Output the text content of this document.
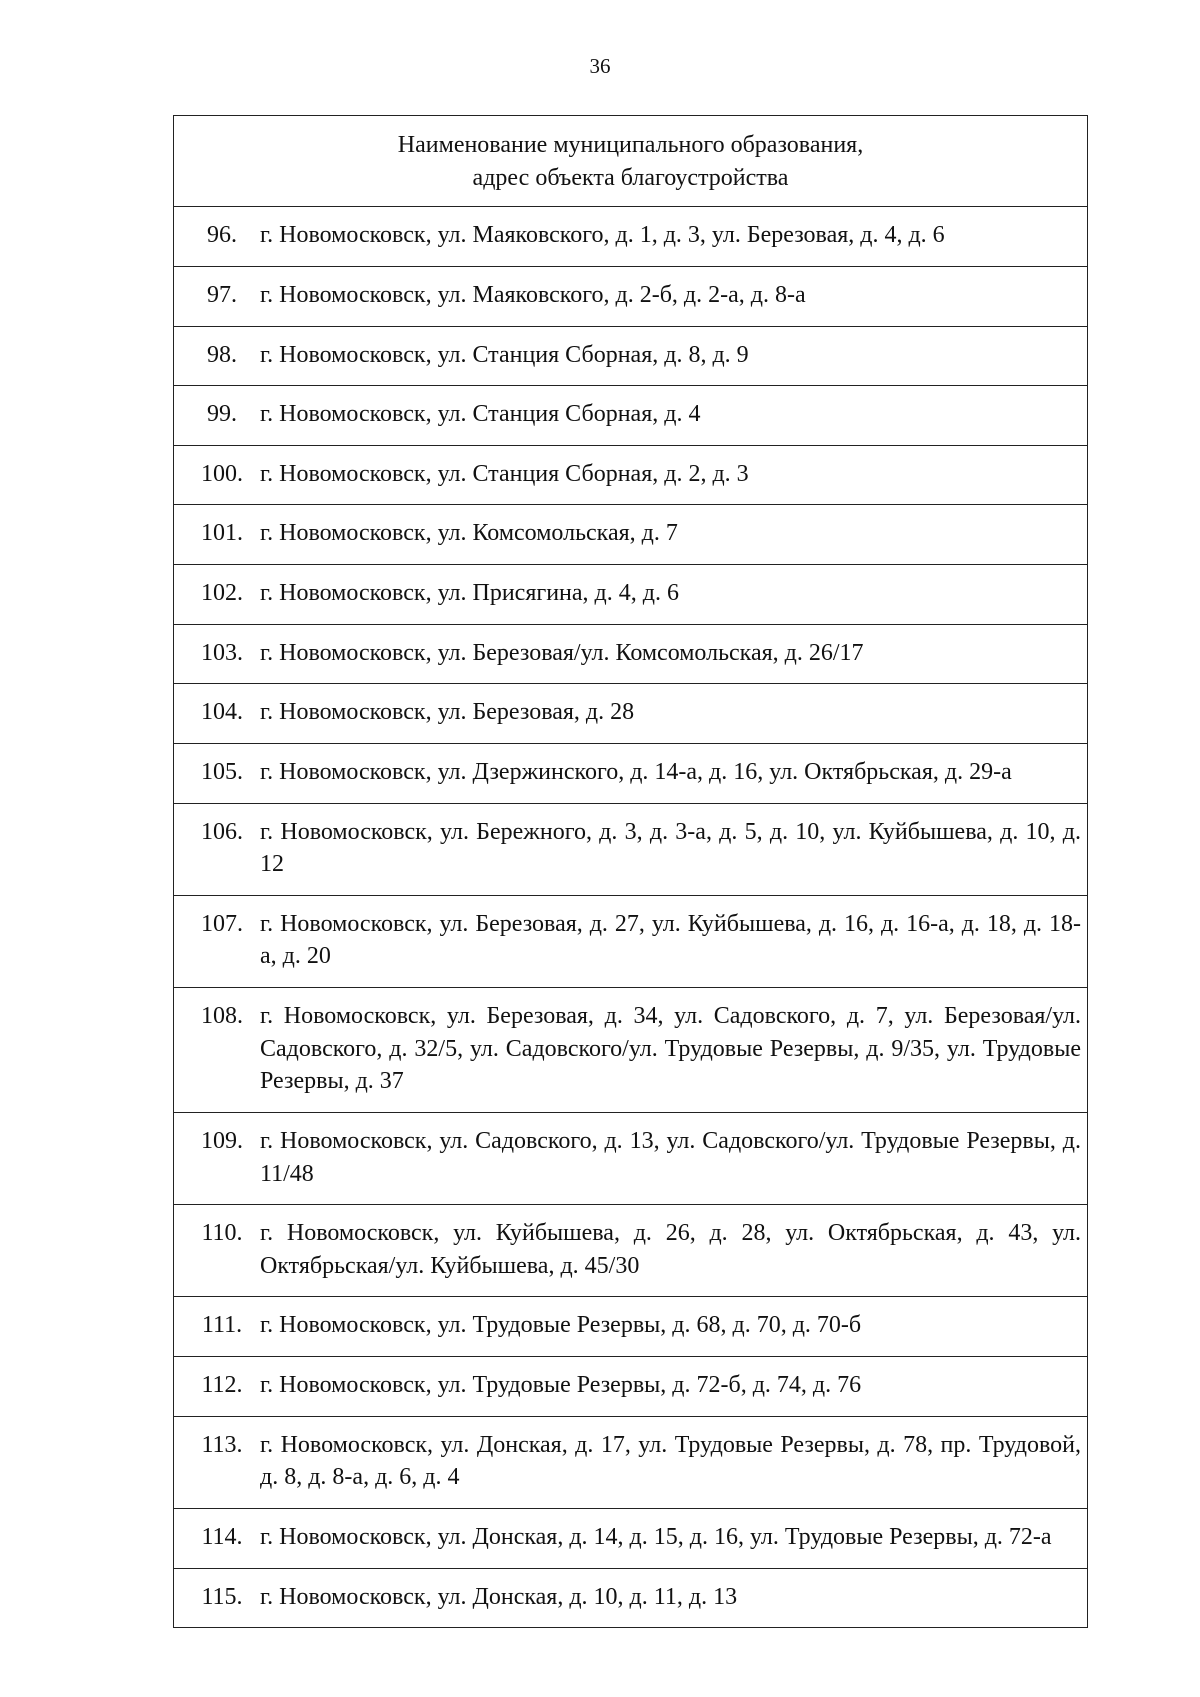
36
Наименование муниципального образования,
адрес объекта благоустройства

96. г. Новомосковск, ул. Маяковского, д. 1, д. 3, ул. Березовая, д. 4, д. 6

97. г. Новомосковск, ул. Маяковского, д. 2-б, д. 2-а, д. 8-а

98. г. Новомосковск, ул. Станция Сборная, д. 8, д. 9

99. г. Новомосковск, ул. Станция Сборная, д. 4

100. г. Новомосковск, ул. Станция Сборная, д. 2, д. 3

101. г. Новомосковск, ул. Комсомольская, д. 7

102. г. Новомосковск, ул. Присягина, д. 4, д. 6

103. г. Новомосковск, ул. Березовая/ул. Комсомольская, д. 26/17

104. г. Новомосковск, ул. Березовая, д. 28

105. г. Новомосковск, ул. Дзержинского, д. 14-а, д. 16, ул. Октябрьская, д. 29-а

106. г. Новомосковск, ул. Бережного, д. 3, д. 3-а, д. 5, д. 10, ул. Куйбышева, д. 10, д. 12

107. г. Новомосковск, ул. Березовая, д. 27, ул. Куйбышева, д. 16, д. 16-а, д. 18, д. 18-а, д. 20

108. г. Новомосковск, ул. Березовая, д. 34, ул. Садовского, д. 7, ул. Березовая/ул. Садовского, д. 32/5, ул. Садовского/ул. Трудовые Резервы, д. 9/35, ул. Трудовые Резервы, д. 37

109. г. Новомосковск, ул. Садовского, д. 13, ул. Садовского/ул. Трудовые Резервы, д. 11/48

110. г. Новомосковск, ул. Куйбышева, д. 26, д. 28, ул. Октябрьская, д. 43, ул. Октябрьская/ул. Куйбышева, д. 45/30

111. г. Новомосковск, ул. Трудовые Резервы, д. 68, д. 70, д. 70-б

112. г. Новомосковск, ул. Трудовые Резервы, д. 72-б, д. 74, д. 76

113. г. Новомосковск, ул. Донская, д. 17, ул. Трудовые Резервы, д. 78, пр. Трудовой, д. 8, д. 8-а, д. 6, д. 4

114. г. Новомосковск, ул. Донская, д. 14, д. 15, д. 16, ул. Трудовые Резервы, д. 72-а

115. г. Новомосковск, ул. Донская, д. 10, д. 11, д. 13
